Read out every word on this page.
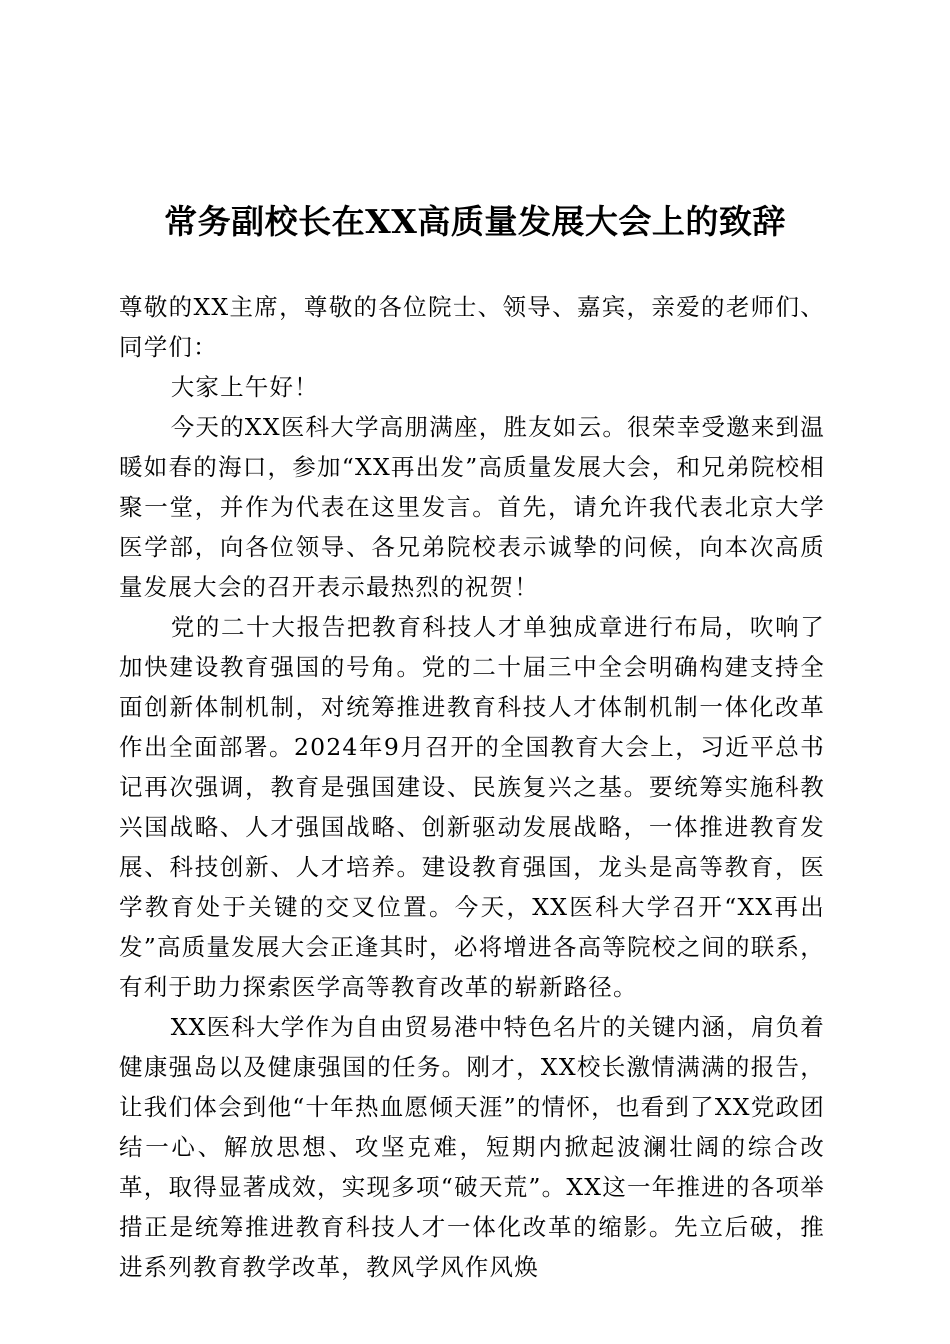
常务副校长在XX高质量发展大会上的致辞

尊敬的XX主席，尊敬的各位院士、领导、嘉宾，亲爱的老师们、同学们：

大家上午好！

今天的XX医科大学高朋满座，胜友如云。很荣幸受邀来到温暖如春的海口，参加“XX再出发”高质量发展大会，和兄弟院校相聚一堂，并作为代表在这里发言。首先，请允许我代表北京大学医学部，向各位领导、各兄弟院校表示诚挚的问候，向本次高质量发展大会的召开表示最热烈的祝贺！

党的二十大报告把教育科技人才单独成章进行布局，吹响了加快建设教育强国的号角。党的二十届三中全会明确构建支持全面创新体制机制，对统筹推进教育科技人才体制机制一体化改革作出全面部署。2024年9月召开的全国教育大会上，习近平总书记再次强调，教育是强国建设、民族复兴之基。要统筹实施科教兴国战略、人才强国战略、创新驱动发展战略，一体推进教育发展、科技创新、人才培养。建设教育强国，龙头是高等教育，医学教育处于关键的交叉位置。今天，XX医科大学召开“XX再出发”高质量发展大会正逢其时，必将增进各高等院校之间的联系，有利于助力探索医学高等教育改革的崭新路径。

XX医科大学作为自由贸易港中特色名片的关键内涵，肩负着健康强岛以及健康强国的任务。刚才，XX校长激情满满的报告，让我们体会到他“十年热血愿倾天涯”的情怀，也看到了XX党政团结一心、解放思想、攻坚克难，短期内掀起波澜壮阔的综合改革，取得显著成效，实现多项“破天荒”。XX这一年推进的各项举措正是统筹推进教育科技人才一体化改革的缩影。先立后破，推进系列教育教学改革，教风学风作风焕
